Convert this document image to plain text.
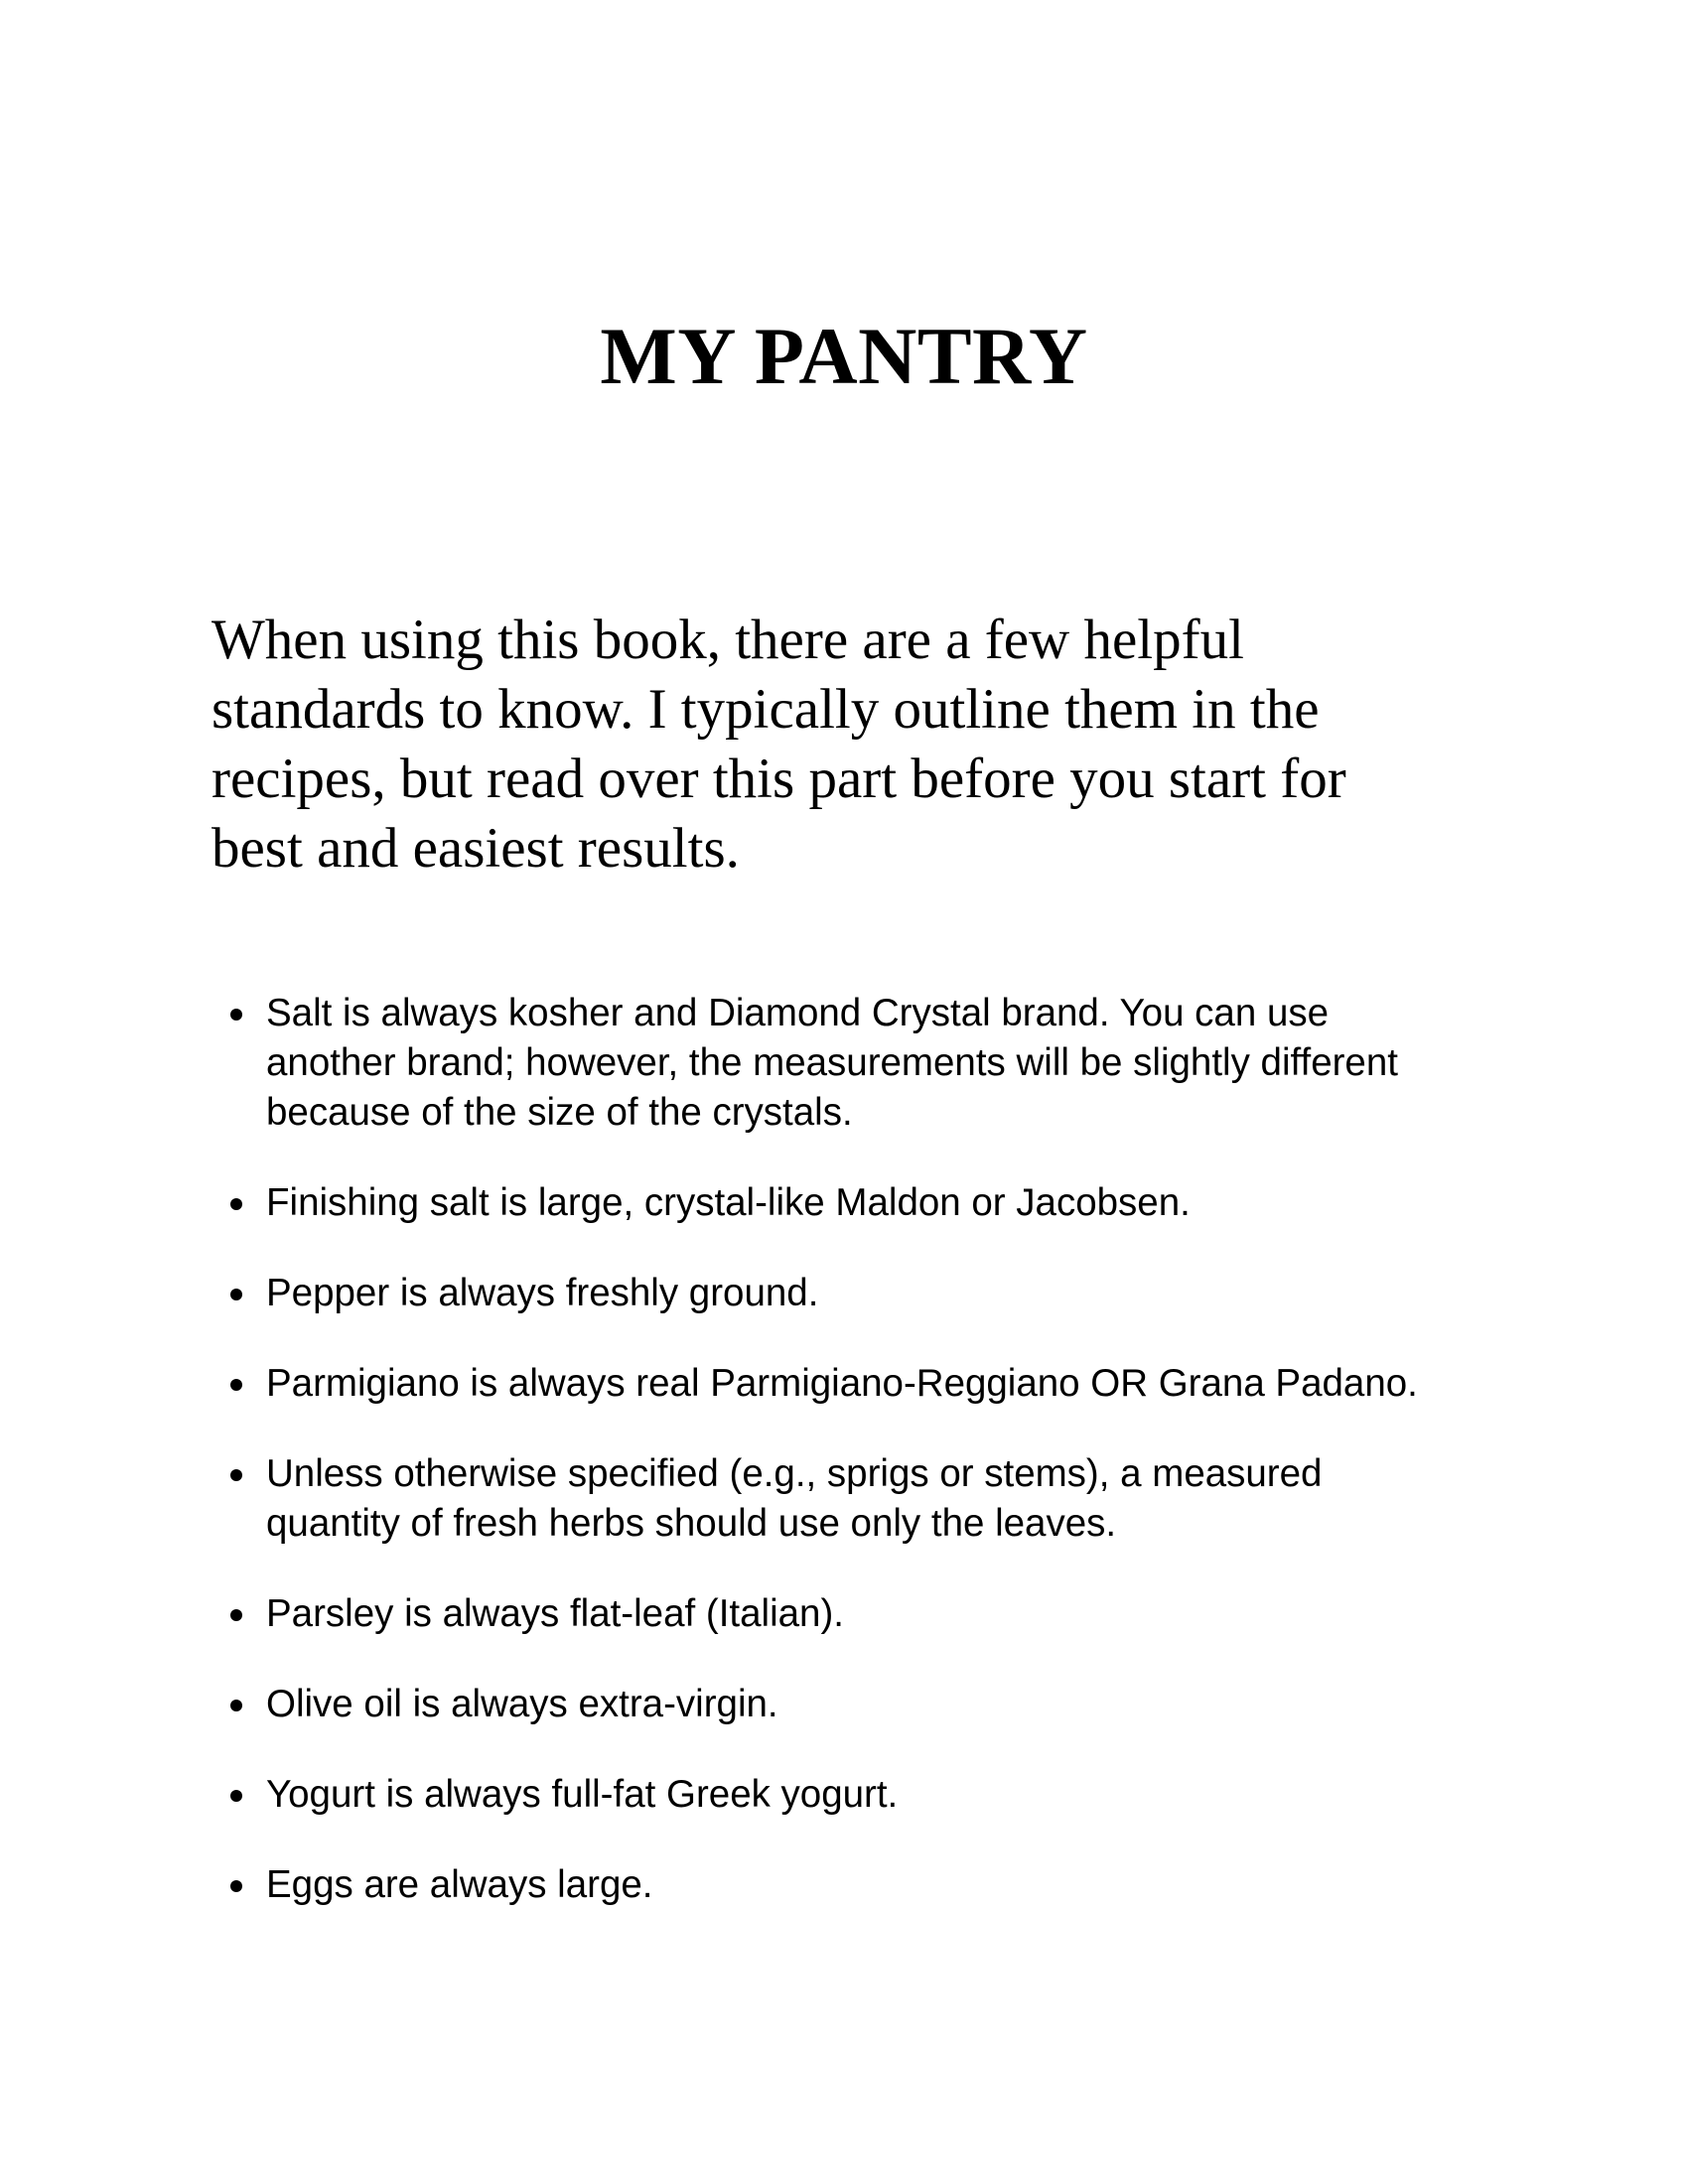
MY PANTRY

When using this book, there are a few helpful standards to know. I typically outline them in the recipes, but read over this part before you start for best and easiest results.

Salt is always kosher and Diamond Crystal brand. You can use another brand; however, the measurements will be slightly different because of the size of the crystals.
Finishing salt is large, crystal-like Maldon or Jacobsen.
Pepper is always freshly ground.
Parmigiano is always real Parmigiano-Reggiano OR Grana Padano.
Unless otherwise specified (e.g., sprigs or stems), a measured quantity of fresh herbs should use only the leaves.
Parsley is always flat-leaf (Italian).
Olive oil is always extra-virgin.
Yogurt is always full-fat Greek yogurt.
Eggs are always large.
